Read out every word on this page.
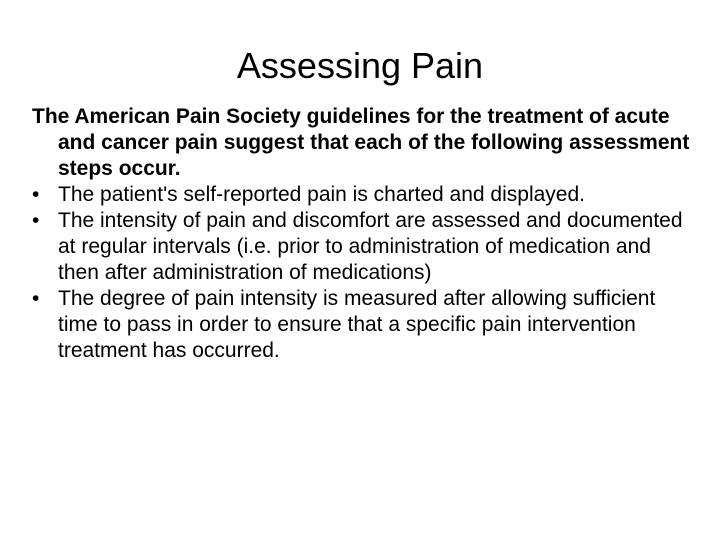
Assessing Pain

The American Pain Society guidelines for the treatment of acute and cancer pain suggest that each of the following assessment steps occur.

• The patient's self-reported pain is charted and displayed.
• The intensity of pain and discomfort are assessed and documented at regular intervals (i.e. prior to administration of medication and then after administration of medications)
• The degree of pain intensity is measured after allowing sufficient time to pass in order to ensure that a specific pain intervention treatment has occurred.
